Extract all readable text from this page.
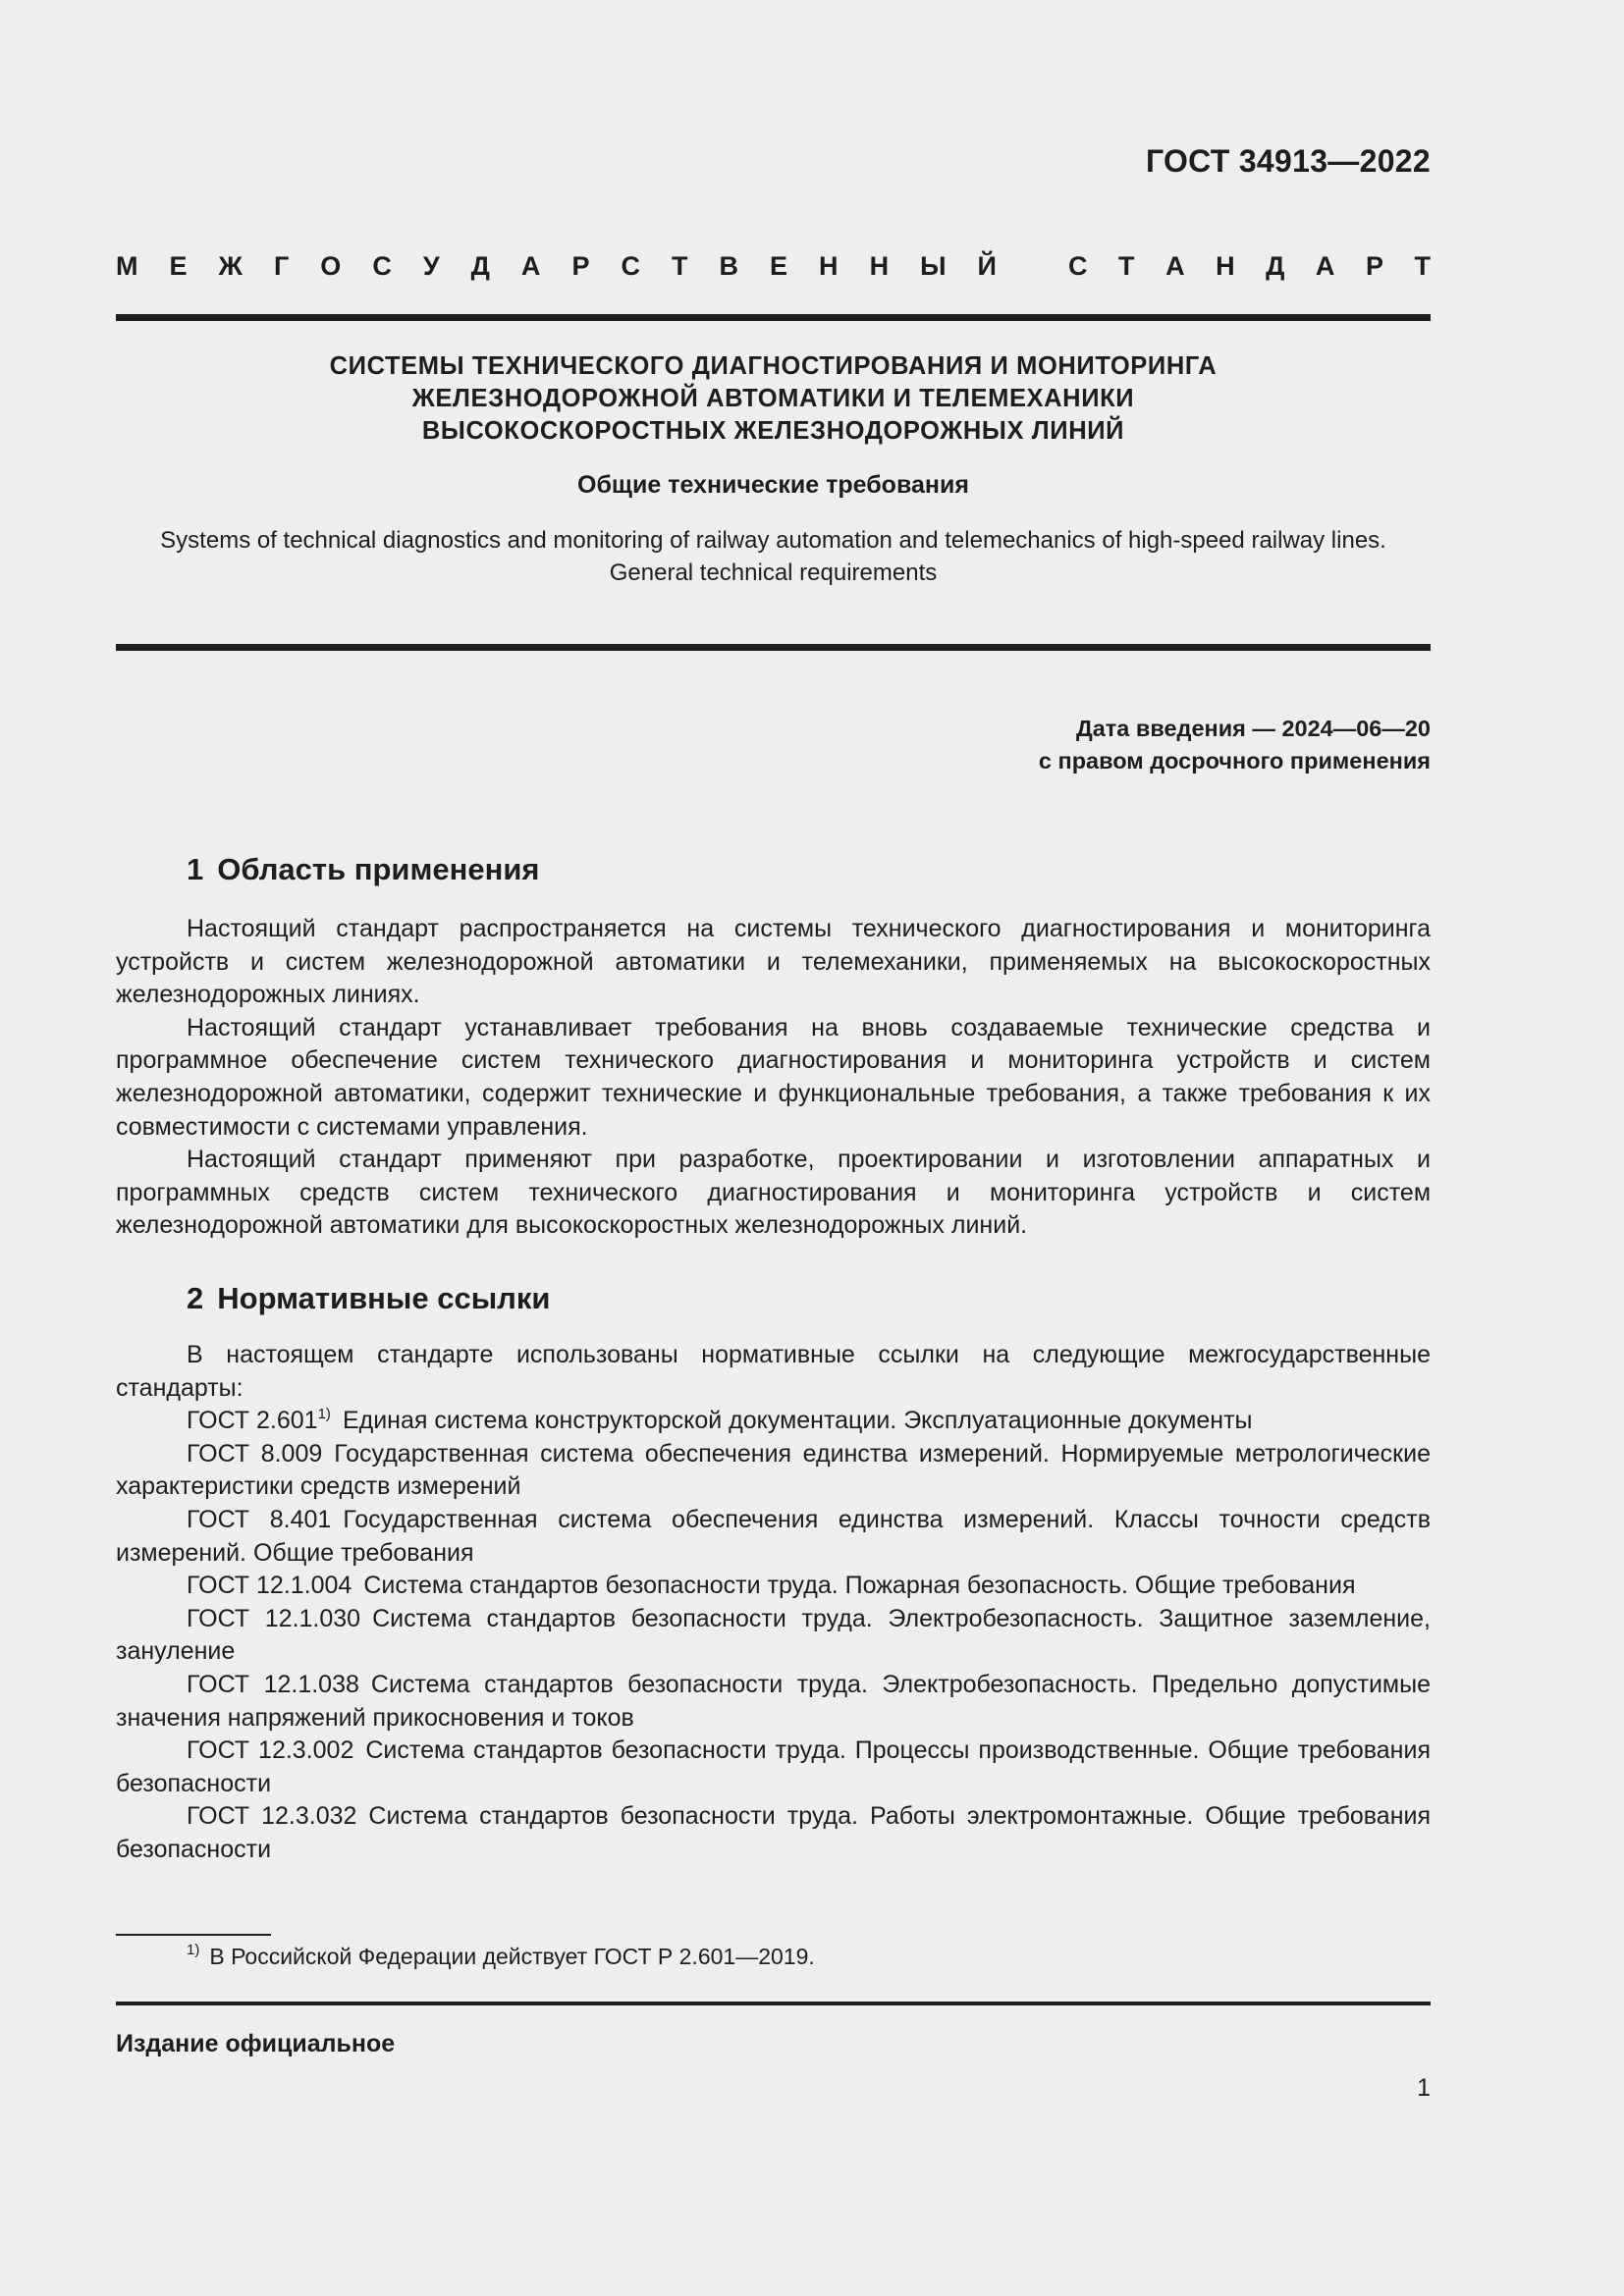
ГОСТ 34913—2022
М Е Ж Г О С У Д А Р С Т В Е Н Н Ы Й	С Т А Н Д А Р Т
СИСТЕМЫ ТЕХНИЧЕСКОГО ДИАГНОСТИРОВАНИЯ И МОНИТОРИНГА
ЖЕЛЕЗНОДОРОЖНОЙ АВТОМАТИКИ И ТЕЛЕМЕХАНИКИ
ВЫСОКОСКОРОСТНЫХ ЖЕЛЕЗНОДОРОЖНЫХ ЛИНИЙ
Общие технические требования
Systems of technical diagnostics and monitoring of railway automation and telemechanics of high-speed railway lines.
General technical requirements
Дата введения — 2024—06—20
с правом досрочного применения
1 Область применения

Настоящий стандарт распространяется на системы технического диагностирования и мониторинга устройств и систем железнодорожной автоматики и телемеханики, применяемых на высокоскоростных железнодорожных линиях.

Настоящий стандарт устанавливает требования на вновь создаваемые технические средства и программное обеспечение систем технического диагностирования и мониторинга устройств и систем железнодорожной автоматики, содержит технические и функциональные требования, а также требования к их совместимости с системами управления.

Настоящий стандарт применяют при разработке, проектировании и изготовлении аппаратных и программных средств систем технического диагностирования и мониторинга устройств и систем железнодорожной автоматики для высокоскоростных железнодорожных линий.

2 Нормативные ссылки

В настоящем стандарте использованы нормативные ссылки на следующие межгосударственные стандарты:

ГОСТ 2.601$^{1)}$ Единая система конструкторской документации. Эксплуатационные документы

ГОСТ 8.009 Государственная система обеспечения единства измерений. Нормируемые метрологические характеристики средств измерений

ГОСТ 8.401 Государственная система обеспечения единства измерений. Классы точности средств измерений. Общие требования

ГОСТ 12.1.004 Система стандартов безопасности труда. Пожарная безопасность. Общие требования

ГОСТ 12.1.030 Система стандартов безопасности труда. Электробезопасность. Защитное заземление, зануление

ГОСТ 12.1.038 Система стандартов безопасности труда. Электробезопасность. Предельно допустимые значения напряжений прикосновения и токов

ГОСТ 12.3.002 Система стандартов безопасности труда. Процессы производственные. Общие требования безопасности

ГОСТ 12.3.032 Система стандартов безопасности труда. Работы электромонтажные. Общие требования безопасности

$^{1)}$ В Российской Федерации действует ГОСТ Р 2.601—2019.
Издание официальное
1
